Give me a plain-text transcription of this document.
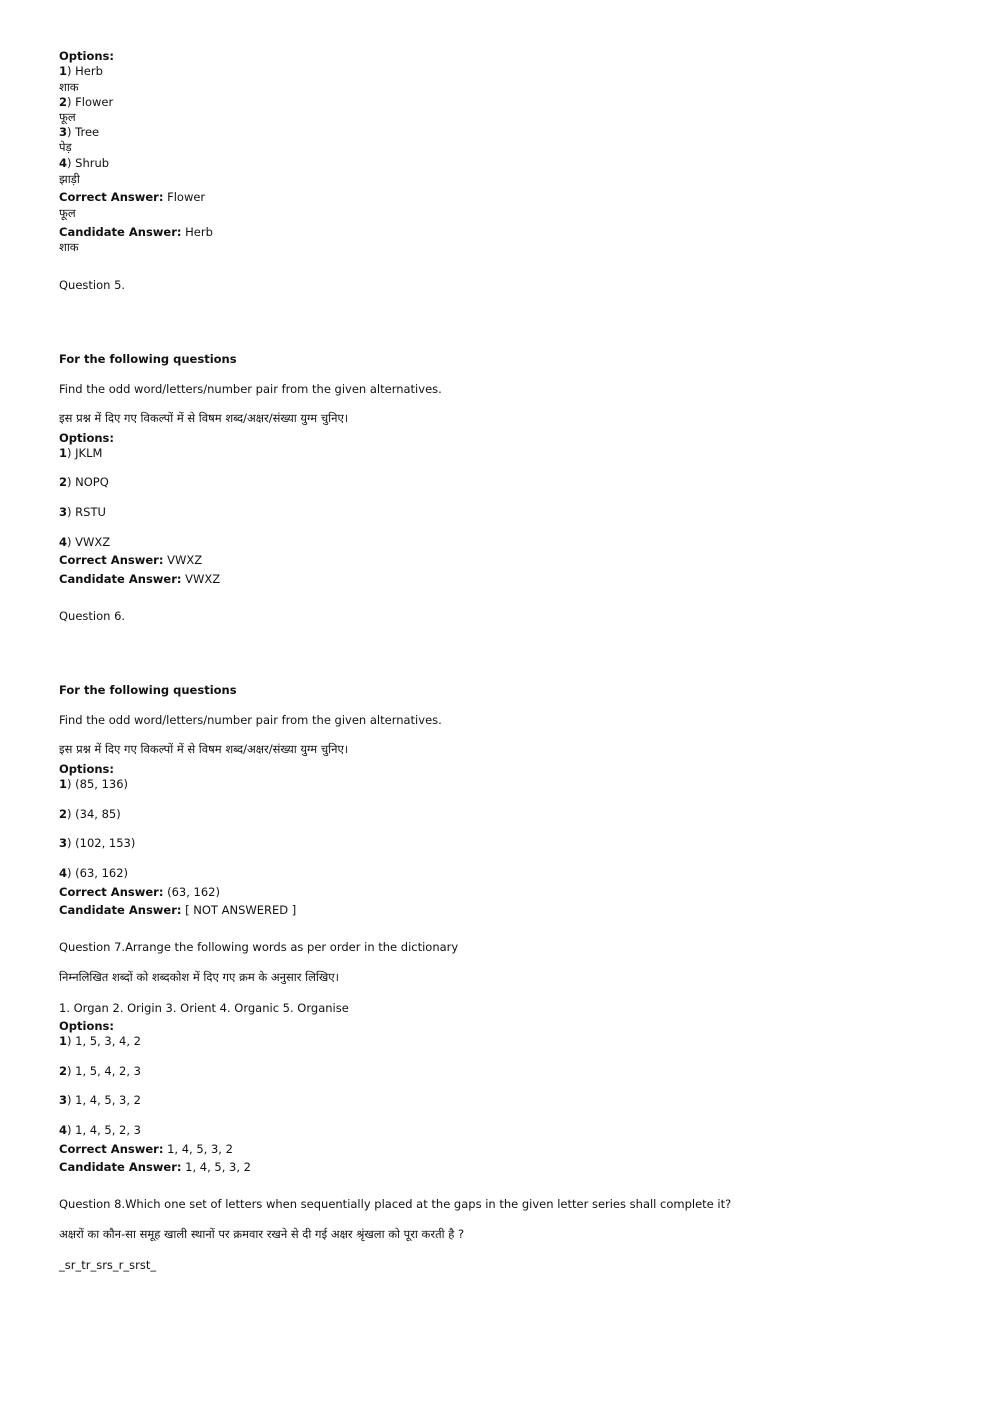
Options:
1) Herb
शाक
2) Flower
फूल
3) Tree
पेड़
4) Shrub
झाड़ी
Correct Answer: Flower
फूल
Candidate Answer: Herb
शाक
Question 5.
For the following questions
Find the odd word/letters/number pair from the given alternatives.
इस प्रश्न में दिए गए विकल्पों में से विषम शब्द/अक्षर/संख्या युग्म चुनिए।
Options:
1) JKLM
2) NOPQ
3) RSTU
4) VWXZ
Correct Answer: VWXZ
Candidate Answer: VWXZ
Question 6.
For the following questions
Find the odd word/letters/number pair from the given alternatives.
इस प्रश्न में दिए गए विकल्पों में से विषम शब्द/अक्षर/संख्या युग्म चुनिए।
Options:
1) (85, 136)
2) (34, 85)
3) (102, 153)
4) (63, 162)
Correct Answer: (63, 162)
Candidate Answer: [ NOT ANSWERED ]
Question 7.Arrange the following words as per order in the dictionary
निम्नलिखित शब्दों को शब्दकोश में दिए गए क्रम के अनुसार लिखिए।
1. Organ 2. Origin 3. Orient 4. Organic 5. Organise
Options:
1) 1, 5, 3, 4, 2
2) 1, 5, 4, 2, 3
3) 1, 4, 5, 3, 2
4) 1, 4, 5, 2, 3
Correct Answer: 1, 4, 5, 3, 2
Candidate Answer: 1, 4, 5, 3, 2
Question 8.Which one set of letters when sequentially placed at the gaps in the given letter series shall complete it?
अक्षरों का कौन-सा समूह खाली स्थानों पर क्रमवार रखने से दी गई अक्षर श्रृंखला को पूरा करती है ?
_sr_tr_srs_r_srst_
